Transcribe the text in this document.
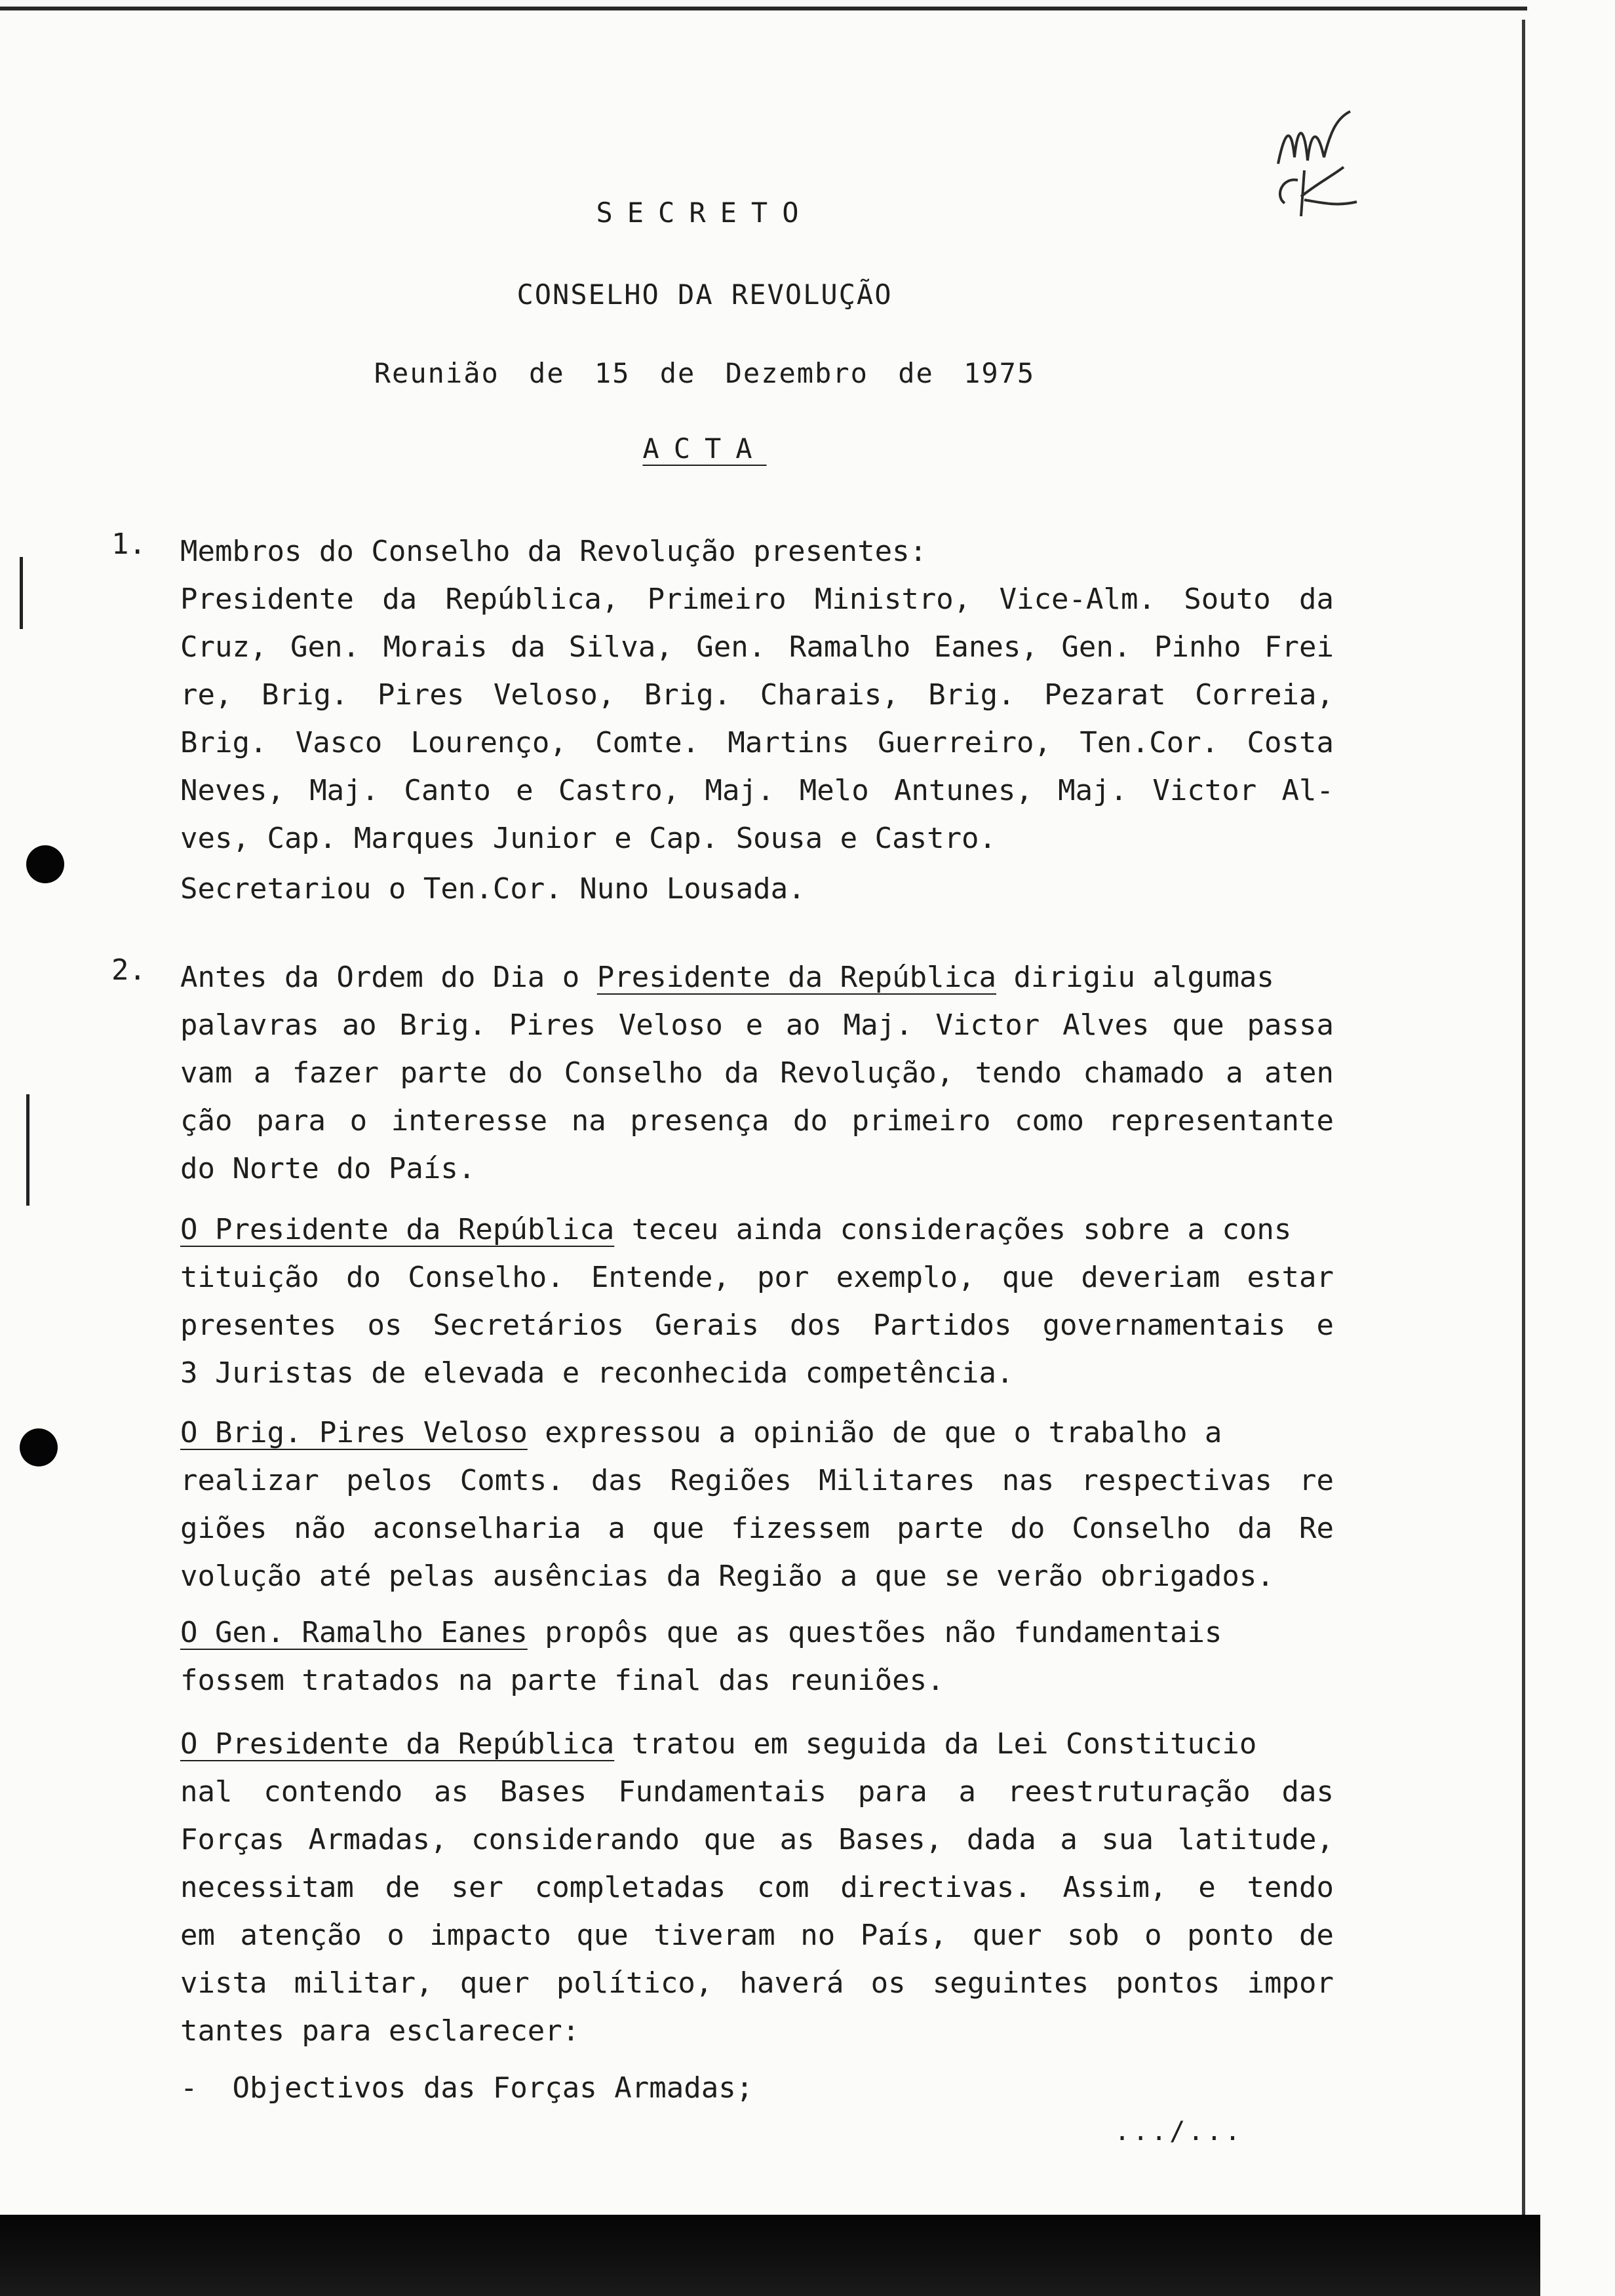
SECRETO
CONSELHO DA REVOLUÇÃO
Reunião de 15 de Dezembro de 1975
ACTA
1. Membros do Conselho da Revolução presentes:
Presidente da República, Primeiro Ministro, Vice-Alm. Souto da
Cruz, Gen. Morais da Silva, Gen. Ramalho Eanes, Gen. Pinho Frei
re, Brig. Pires Veloso, Brig. Charais, Brig. Pezarat Correia,
Brig. Vasco Lourenço, Comte. Martins Guerreiro, Ten.Cor. Costa
Neves, Maj. Canto e Castro, Maj. Melo Antunes, Maj. Victor Al-
ves, Cap. Marques Junior e Cap. Sousa e Castro.
Secretariou o Ten.Cor. Nuno Lousada.
2. Antes da Ordem do Dia o Presidente da República dirigiu algumas
palavras ao Brig. Pires Veloso e ao Maj. Victor Alves que passa
vam a fazer parte do Conselho da Revolução, tendo chamado a aten
ção para o interesse na presença do primeiro como representante
do Norte do País.
O Presidente da República teceu ainda considerações sobre a cons
tituição do Conselho. Entende, por exemplo, que deveriam estar
presentes os Secretários Gerais dos Partidos governamentais e
3 Juristas de elevada e reconhecida competência.
O Brig. Pires Veloso expressou a opinião de que o trabalho a
realizar pelos Comts. das Regiões Militares nas respectivas re
giões não aconselharia a que fizessem parte do Conselho da Re
volução até pelas ausências da Região a que se verão obrigados.
O Gen. Ramalho Eanes propôs que as questões não fundamentais
fossem tratados na parte final das reuniões.
O Presidente da República tratou em seguida da Lei Constitucio
nal contendo as Bases Fundamentais para a reestruturação das
Forças Armadas, considerando que as Bases, dada a sua latitude,
necessitam de ser completadas com directivas. Assim, e tendo
em atenção o impacto que tiveram no País, quer sob o ponto de
vista militar, quer político, haverá os seguintes pontos impor
tantes para esclarecer:
-  Objectivos das Forças Armadas;
.../...
